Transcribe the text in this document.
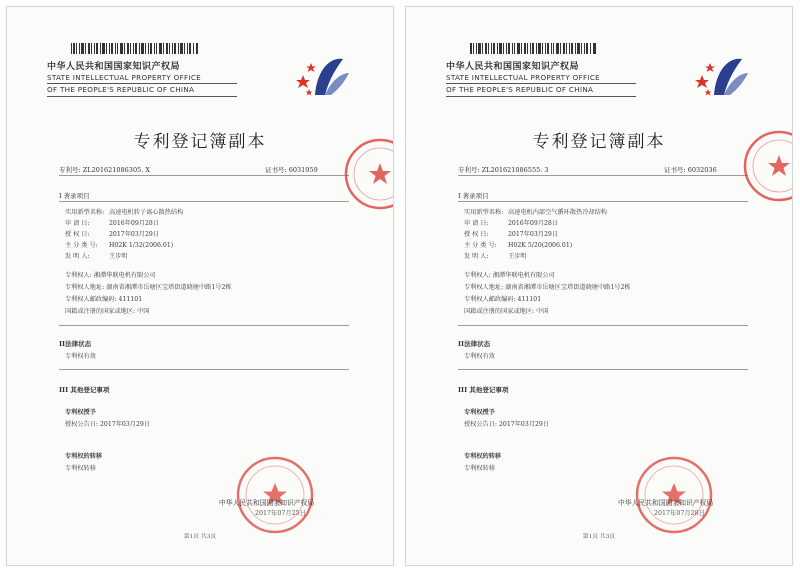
中华人民共和国国家知识产权局
STATE INTELLECTUAL PROPERTY OFFICE
OF THE PEOPLE'S REPUBLIC OF CHINA
专利登记簿副本
专利号: ZL201621086305. X	证书号: 6031959
I 著录项目
实用新型名称: 高速电机转子离心散热结构
申 请 日:	2016年09月28日
授 权 日:	2017年03月29日
主 分 类 号: H02K 1/32(2006.01)
发 明 人:	王步明
专利权人: 湘潭华联电机有限公司
专利权人地址: 湖南省湘潭市岳塘区宝塔街道晓塘中路1号2栋
专利权人邮政编码: 411101
国籍或注册的国家或地区: 中国
II法律状态
专利权有效
III 其他登记事项
专利权授予
授权公告日: 2017年03月29日
专利权的转移
专利权转移
中华人民共和国国家知识产权局
2017年07月25日
第1页 共3页
中华人民共和国国家知识产权局
STATE INTELLECTUAL PROPERTY OFFICE
OF THE PEOPLE'S REPUBLIC OF CHINA
专利登记簿副本
专利号: ZL201621086555. 3	证书号: 6032036
I 著录项目
实用新型名称: 高速电机内部空气循环散热冷却结构
申 请 日:	2016年09月28日
授 权 日:	2017年03月29日
主 分 类 号: H02K 5/20(2006.01)
发 明 人:	王步明
专利权人: 湘潭华联电机有限公司
专利权人地址: 湖南省湘潭市岳塘区宝塔街道晓塘中路1号2栋
专利权人邮政编码: 411101
国籍或注册的国家或地区: 中国
II法律状态
专利权有效
III 其他登记事项
专利权授予
授权公告日: 2017年03月29日
专利权的转移
专利权转移
中华人民共和国国家知识产权局
2017年07月28日
第1页 共3页
